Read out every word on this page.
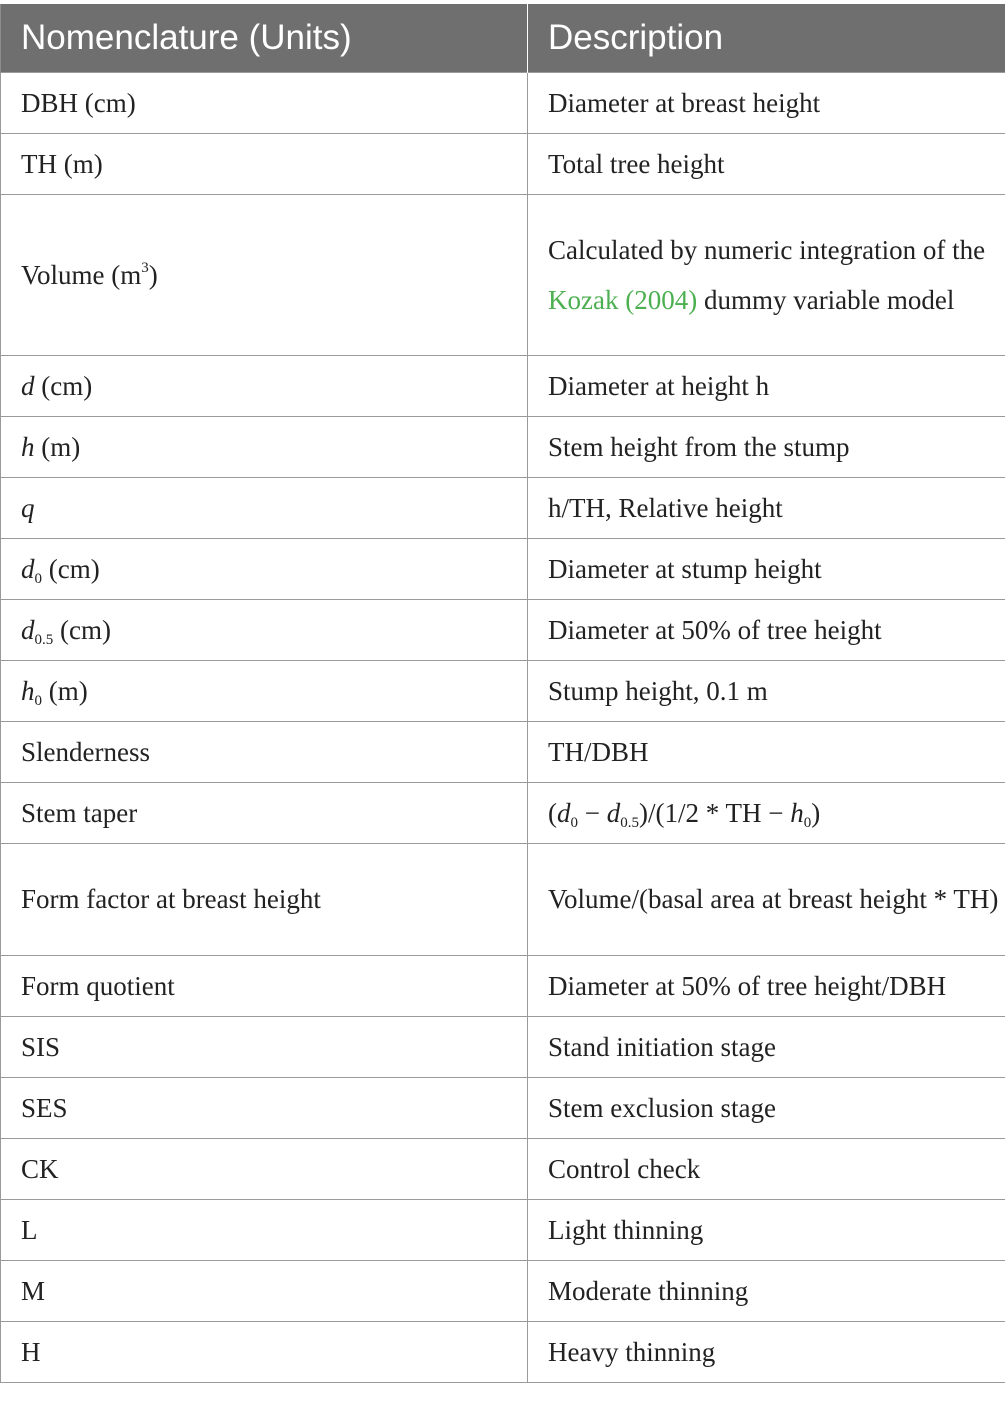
Nomenclature (Units)	Description
DBH (cm)	Diameter at breast height
TH (m)	Total tree height
Volume $(m^3)$	Calculated by numeric integration of the Kozak (2004) dummy variable model
d (cm)	Diameter at height h
h (m)	Stem height from the stump
q	h/TH, Relative height
$d_0$ (cm)	Diameter at stump height
$d_{0.5}$ (cm)	Diameter at 50% of tree height
$h_0$ (m)	Stump height, 0.1 m
Slenderness	TH/DBH
Stem taper	$(d_0 - d_{0.5})/(1/2$ * TH − $h_0$)
Form factor at breast height	Volume/(basal area at breast height * TH)
Form quotient	Diameter at 50% of tree height/DBH
SIS	Stand initiation stage
SES	Stem exclusion stage
CK	Control check
L	Light thinning
M	Moderate thinning
H	Heavy thinning
